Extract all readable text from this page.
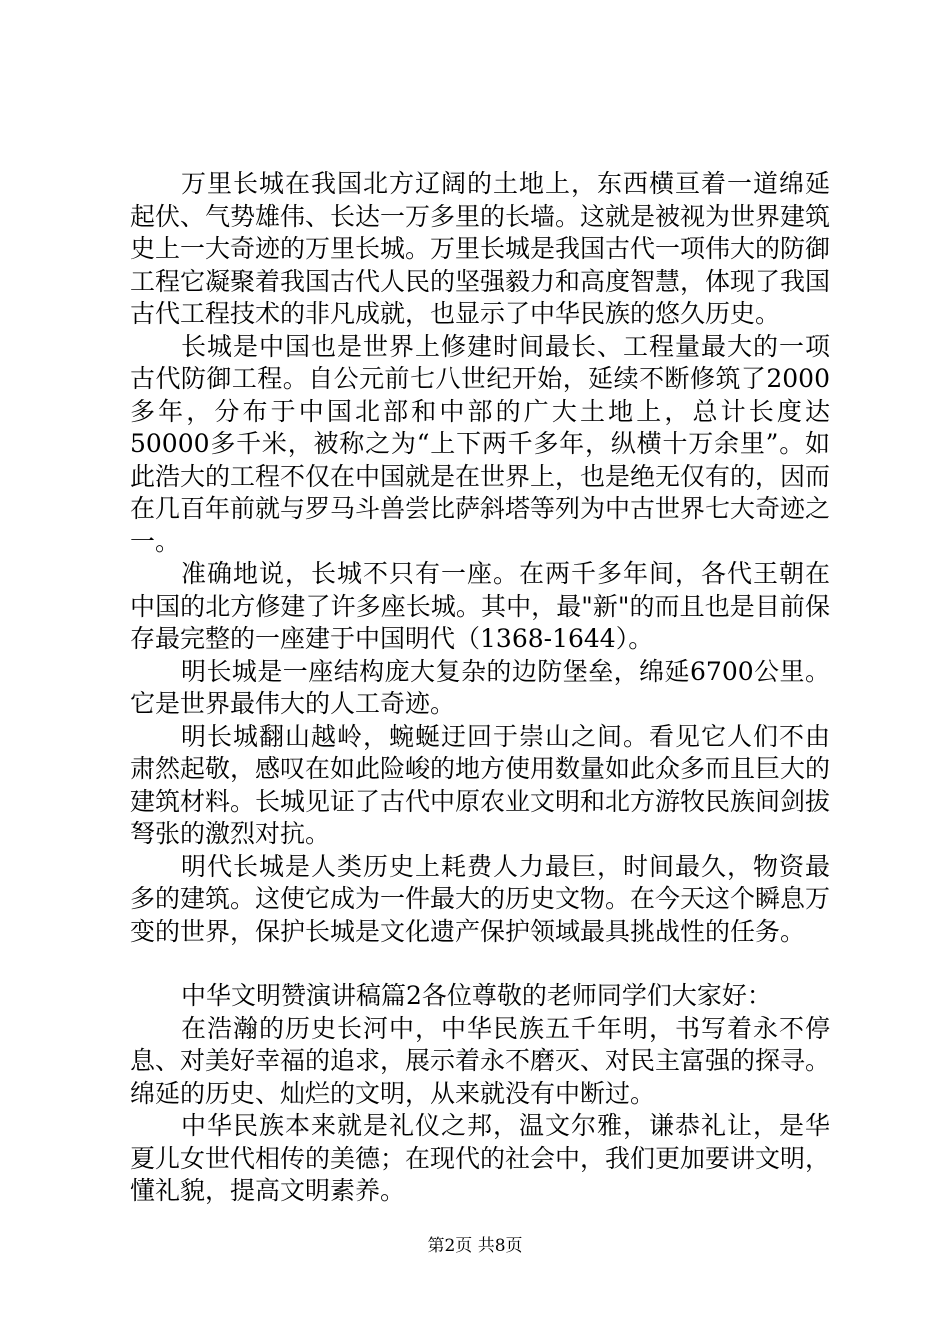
万里长城在我国北方辽阔的土地上，东西横亘着一道绵延起伏、气势雄伟、长达一万多里的长墙。这就是被视为世界建筑史上一大奇迹的万里长城。万里长城是我国古代一项伟大的防御工程它凝聚着我国古代人民的坚强毅力和高度智慧，体现了我国古代工程技术的非凡成就，也显示了中华民族的悠久历史。

长城是中国也是世界上修建时间最长、工程量最大的一项古代防御工程。自公元前七八世纪开始，延续不断修筑了2000多年，分布于中国北部和中部的广大土地上，总计长度达50000多千米，被称之为“上下两千多年，纵横十万余里”。如此浩大的工程不仅在中国就是在世界上，也是绝无仅有的，因而在几百年前就与罗马斗兽尝比萨斜塔等列为中古世界七大奇迹之一。

准确地说，长城不只有一座。在两千多年间，各代王朝在中国的北方修建了许多座长城。其中，最"新"的而且也是目前保存最完整的一座建于中国明代（1368-1644）。

明长城是一座结构庞大复杂的边防堡垒，绵延6700公里。它是世界最伟大的人工奇迹。

明长城翻山越岭，蜿蜒迂回于崇山之间。看见它人们不由肃然起敬，感叹在如此险峻的地方使用数量如此众多而且巨大的建筑材料。长城见证了古代中原农业文明和北方游牧民族间剑拔弩张的激烈对抗。

明代长城是人类历史上耗费人力最巨，时间最久，物资最多的建筑。这使它成为一件最大的历史文物。在今天这个瞬息万变的世界，保护长城是文化遗产保护领域最具挑战性的任务。

中华文明赞演讲稿篇2各位尊敬的老师同学们大家好：

在浩瀚的历史长河中，中华民族五千年明，书写着永不停息、对美好幸福的追求，展示着永不磨灭、对民主富强的探寻。绵延的历史、灿烂的文明，从来就没有中断过。

中华民族本来就是礼仪之邦，温文尔雅，谦恭礼让，是华夏儿女世代相传的美德；在现代的社会中，我们更加要讲文明，懂礼貌，提高文明素养。

第2页 共8页
